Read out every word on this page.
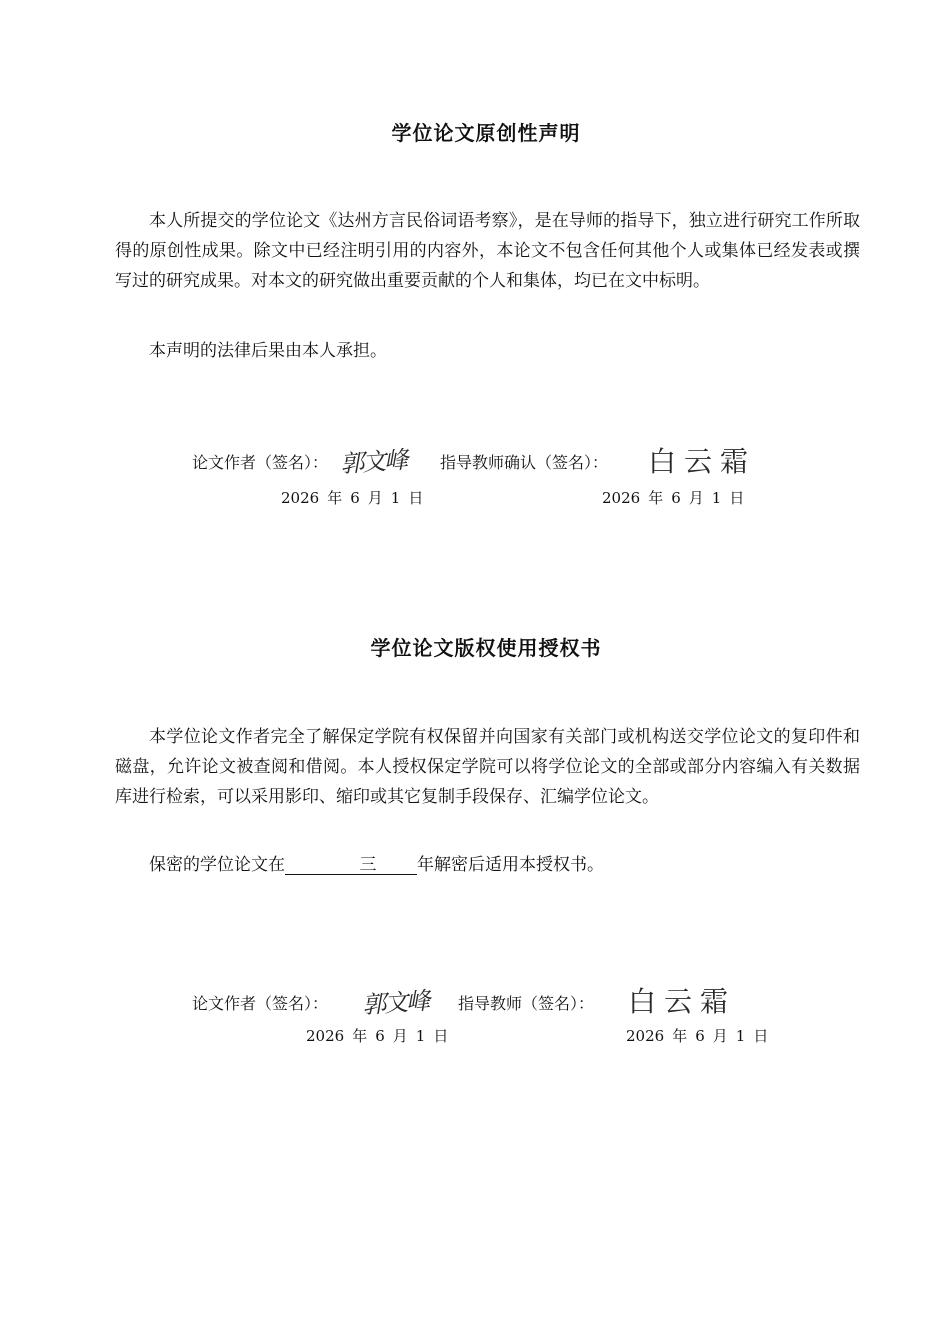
学位论文原创性声明

本人所提交的学位论文《达州方言民俗词语考察》，是在导师的指导下，独立进行研究工作所取得的原创性成果。除文中已经注明引用的内容外，本论文不包含任何其他个人或集体已经发表或撰写过的研究成果。对本文的研究做出重要贡献的个人和集体，均已在文中标明。

本声明的法律后果由本人承担。

论文作者（签名）： 郭文峰 指导教师确认（签名）： 白云霜
2026 年 6 月 1 日	2026 年 6 月 1 日
学位论文版权使用授权书

本学位论文作者完全了解保定学院有权保留并向国家有关部门或机构送交学位论文的复印件和磁盘，允许论文被查阅和借阅。本人授权保定学院可以将学位论文的全部或部分内容编入有关数据库进行检索，可以采用影印、缩印或其它复制手段保存、汇编学位论文。

保密的学位论文在	三 年解密后适用本授权书。

论文作者（签名）： 郭文峰 指导教师（签名）： 白云霜
2026 年 6 月 1 日	2026 年 6 月 1 日
